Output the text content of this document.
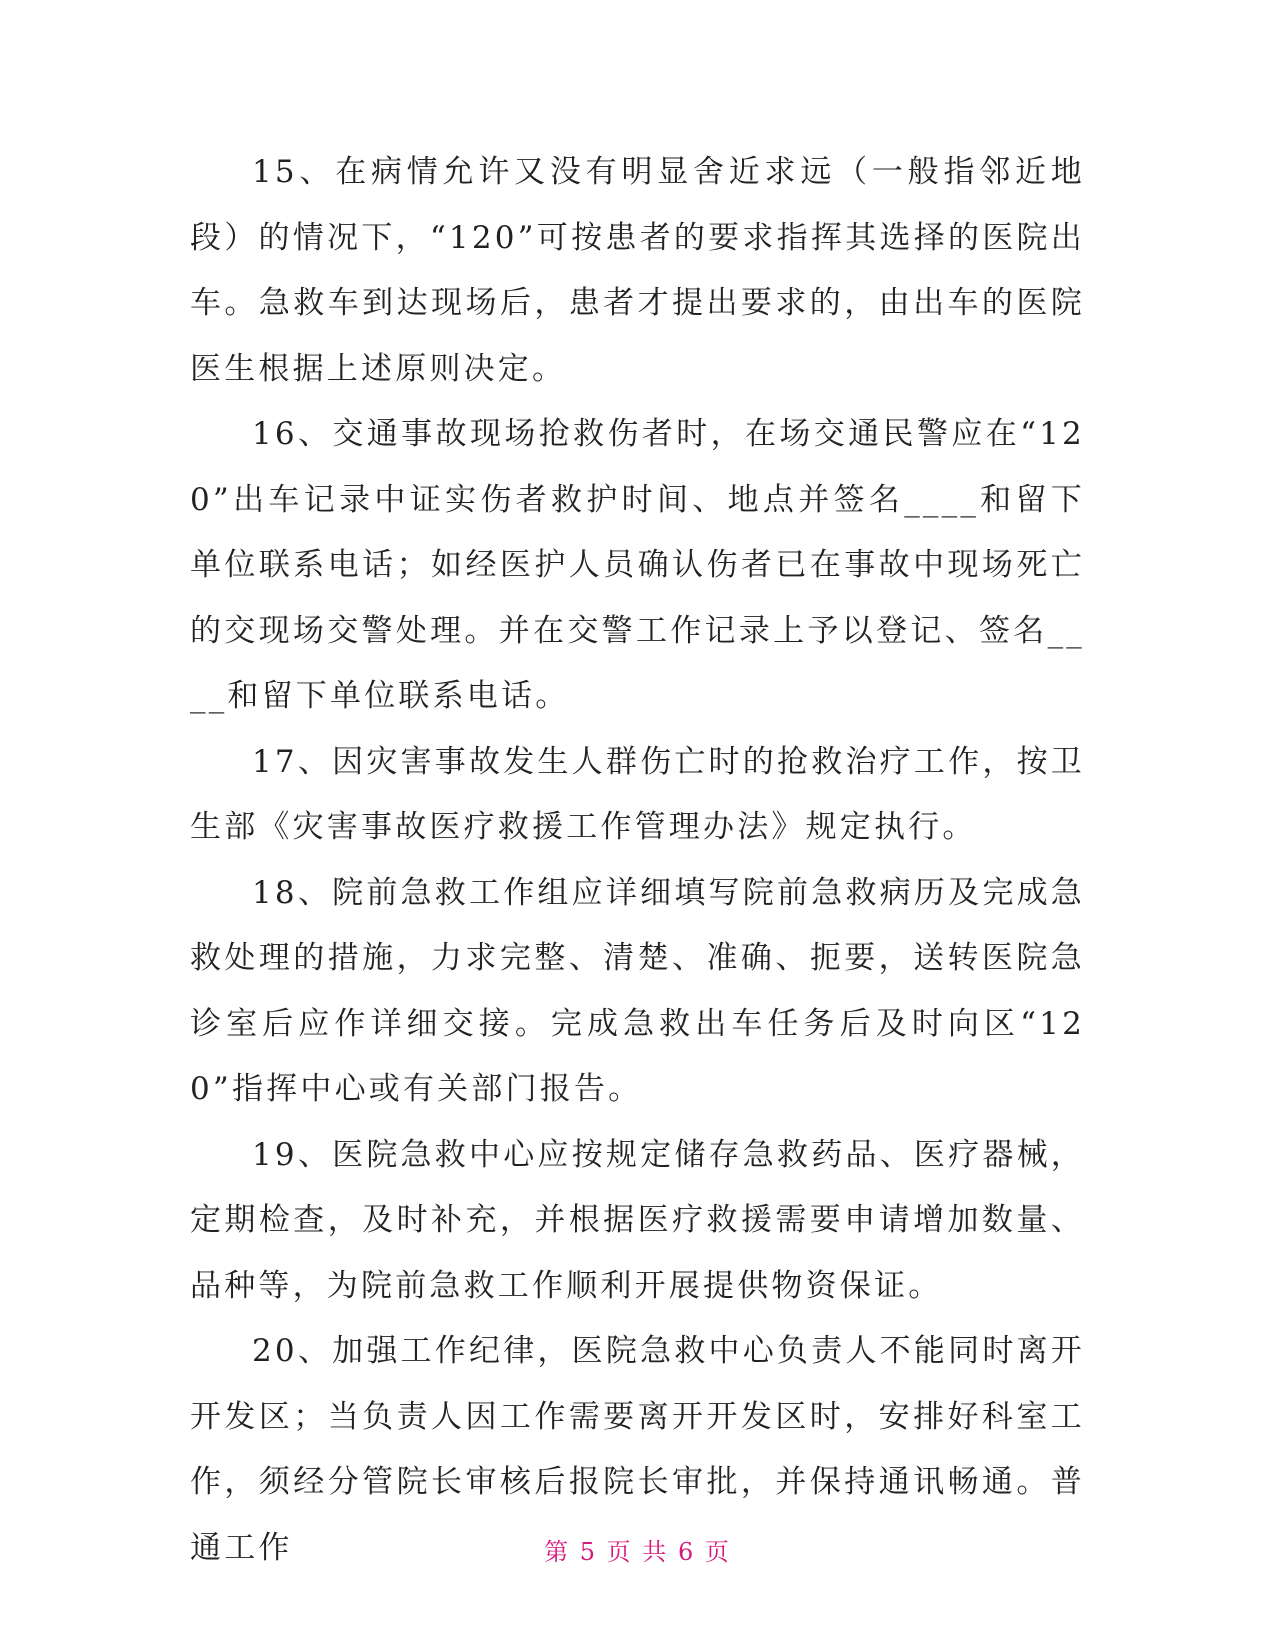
15、在病情允许又没有明显舍近求远（一般指邻近地段）的情况下，“120”可按患者的要求指挥其选择的医院出车。急救车到达现场后，患者才提出要求的，由出车的医院医生根据上述原则决定。

16、交通事故现场抢救伤者时，在场交通民警应在“120”出车记录中证实伤者救护时间、地点并签名____和留下单位联系电话；如经医护人员确认伤者已在事故中现场死亡的交现场交警处理。并在交警工作记录上予以登记、签名____和留下单位联系电话。

17、因灾害事故发生人群伤亡时的抢救治疗工作，按卫生部《灾害事故医疗救援工作管理办法》规定执行。

18、院前急救工作组应详细填写院前急救病历及完成急救处理的措施，力求完整、清楚、准确、扼要，送转医院急诊室后应作详细交接。完成急救出车任务后及时向区“120”指挥中心或有关部门报告。

19、医院急救中心应按规定储存急救药品、医疗器械，定期检查，及时补充，并根据医疗救援需要申请增加数量、品种等，为院前急救工作顺利开展提供物资保证。

20、加强工作纪律，医院急救中心负责人不能同时离开开发区；当负责人因工作需要离开开发区时，安排好科室工作，须经分管院长审核后报院长审批，并保持通讯畅通。普通工作	第 5 页 共 6 页
